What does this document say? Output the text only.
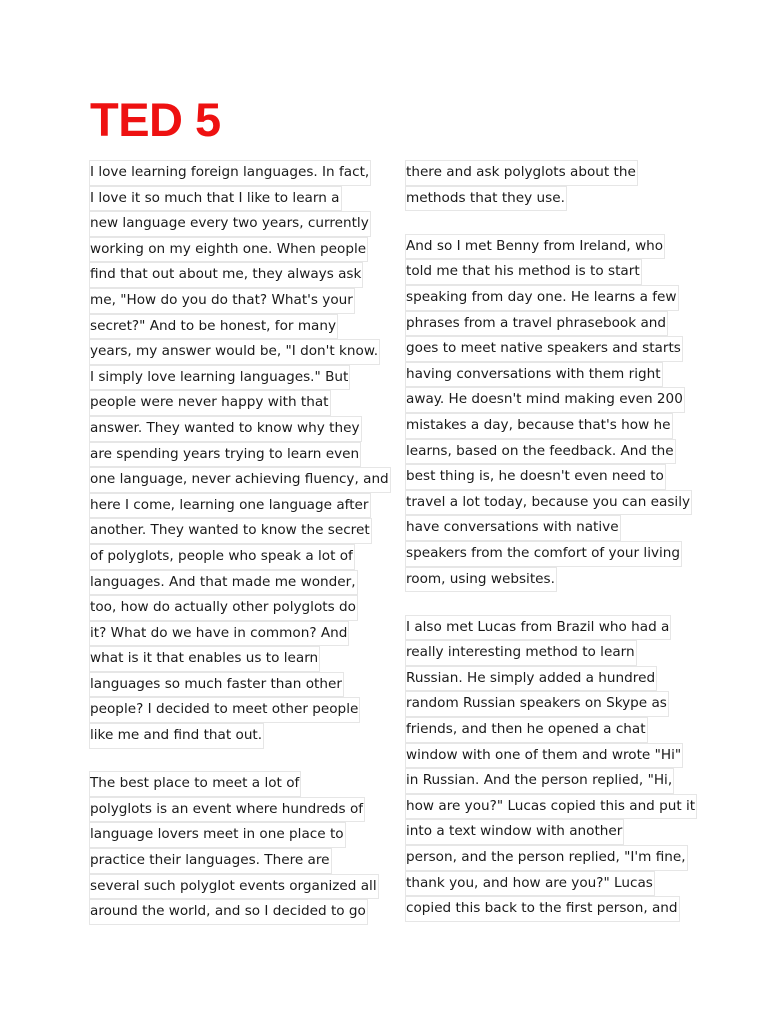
TED 5
I love learning foreign languages. In fact,
I love it so much that I like to learn a
new language every two years, currently
working on my eighth one. When people
find that out about me, they always ask
me, "How do you do that? What's your
secret?" And to be honest, for many
years, my answer would be, "I don't know.
I simply love learning languages." But
people were never happy with that
answer. They wanted to know why they
are spending years trying to learn even
one language, never achieving fluency, and
here I come, learning one language after
another. They wanted to know the secret
of polyglots, people who speak a lot of
languages. And that made me wonder,
too, how do actually other polyglots do
it? What do we have in common? And
what is it that enables us to learn
languages so much faster than other
people? I decided to meet other people
like me and find that out.
The best place to meet a lot of
polyglots is an event where hundreds of
language lovers meet in one place to
practice their languages. There are
several such polyglot events organized all
around the world, and so I decided to go
there and ask polyglots about the
methods that they use.
And so I met Benny from Ireland, who
told me that his method is to start
speaking from day one. He learns a few
phrases from a travel phrasebook and
goes to meet native speakers and starts
having conversations with them right
away. He doesn't mind making even 200
mistakes a day, because that's how he
learns, based on the feedback. And the
best thing is, he doesn't even need to
travel a lot today, because you can easily
have conversations with native
speakers from the comfort of your living
room, using websites.
I also met Lucas from Brazil who had a
really interesting method to learn
Russian. He simply added a hundred
random Russian speakers on Skype as
friends, and then he opened a chat
window with one of them and wrote "Hi"
in Russian. And the person replied, "Hi,
how are you?" Lucas copied this and put it
into a text window with another
person, and the person replied, "I'm fine,
thank you, and how are you?" Lucas
copied this back to the first person, and
